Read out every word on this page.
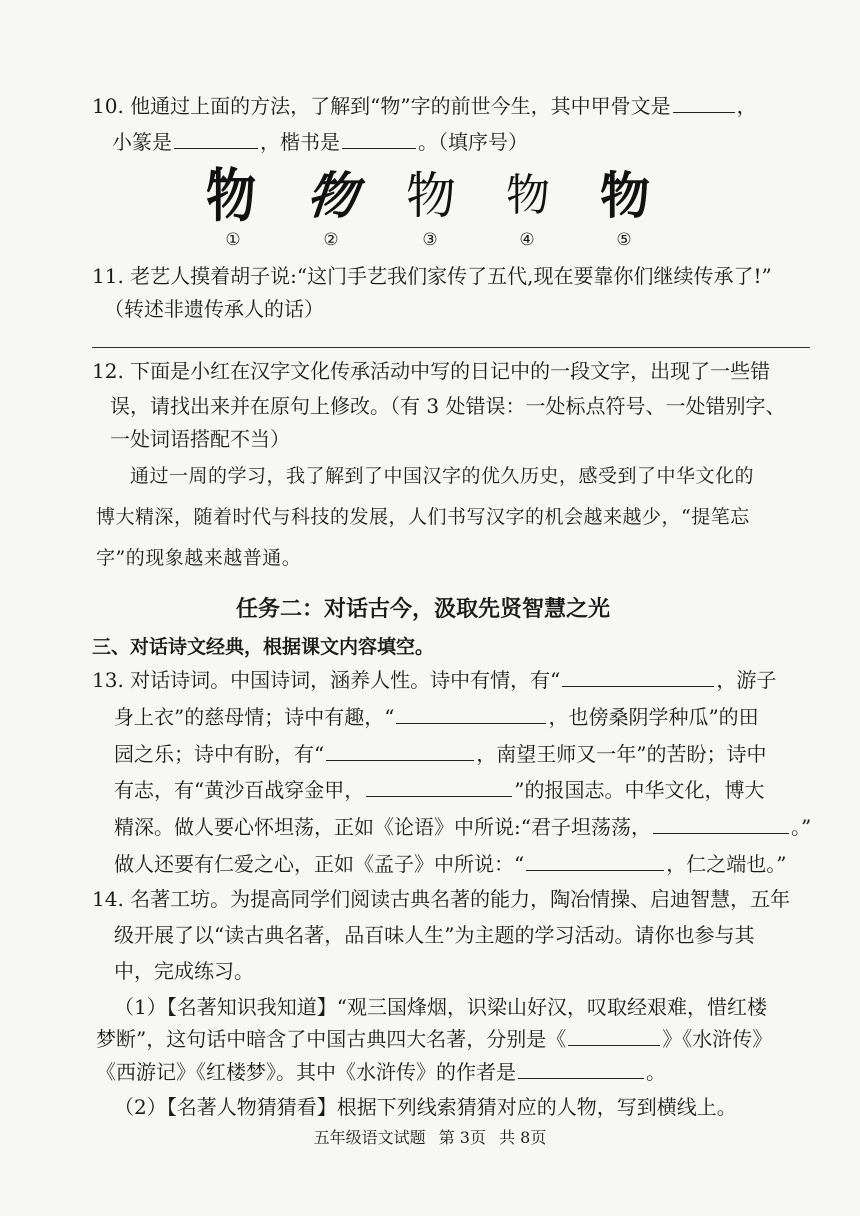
10. 他通过上面的方法，了解到“物”字的前世今生，其中甲骨文是	，
小篆是	，楷书是	。（填序号）
物 物 物 物 物
①	②	③	④	⑤
11. 老艺人摸着胡子说:“这门手艺我们家传了五代,现在要靠你们继续传承了!”
（转述非遗传承人的话）
12. 下面是小红在汉字文化传承活动中写的日记中的一段文字，出现了一些错
误，请找出来并在原句上修改。（有 3 处错误：一处标点符号、一处错别字、
一处词语搭配不当）
通过一周的学习，我了解到了中国汉字的优久历史，感受到了中华文化的
博大精深，随着时代与科技的发展，人们书写汉字的机会越来越少，“提笔忘
字”的现象越来越普通。
任务二：对话古今，汲取先贤智慧之光
三、对话诗文经典，根据课文内容填空。
13. 对话诗词。中国诗词，涵养人性。诗中有情，有“	，游子
身上衣”的慈母情；诗中有趣，“	，也傍桑阴学种瓜”的田
园之乐；诗中有盼，有“	，南望王师又一年”的苦盼；诗中
有志，有“黄沙百战穿金甲，	”的报国志。中华文化，博大
精深。做人要心怀坦荡，正如《论语》中所说:“君子坦荡荡，	。”
做人还要有仁爱之心，正如《孟子》中所说：“	，仁之端也。”
14. 名著工坊。为提高同学们阅读古典名著的能力，陶冶情操、启迪智慧，五年
级开展了以“读古典名著，品百味人生”为主题的学习活动。请你也参与其
中，完成练习。
（1）【名著知识我知道】“观三国烽烟，识梁山好汉，叹取经艰难，惜红楼
梦断”，这句话中暗含了中国古典四大名著，分别是《	》《水浒传》
《西游记》《红楼梦》。其中《水浒传》的作者是	。
（2）【名著人物猜猜看】根据下列线索猜猜对应的人物，写到横线上。
五年级语文试题 第 3页 共 8页
